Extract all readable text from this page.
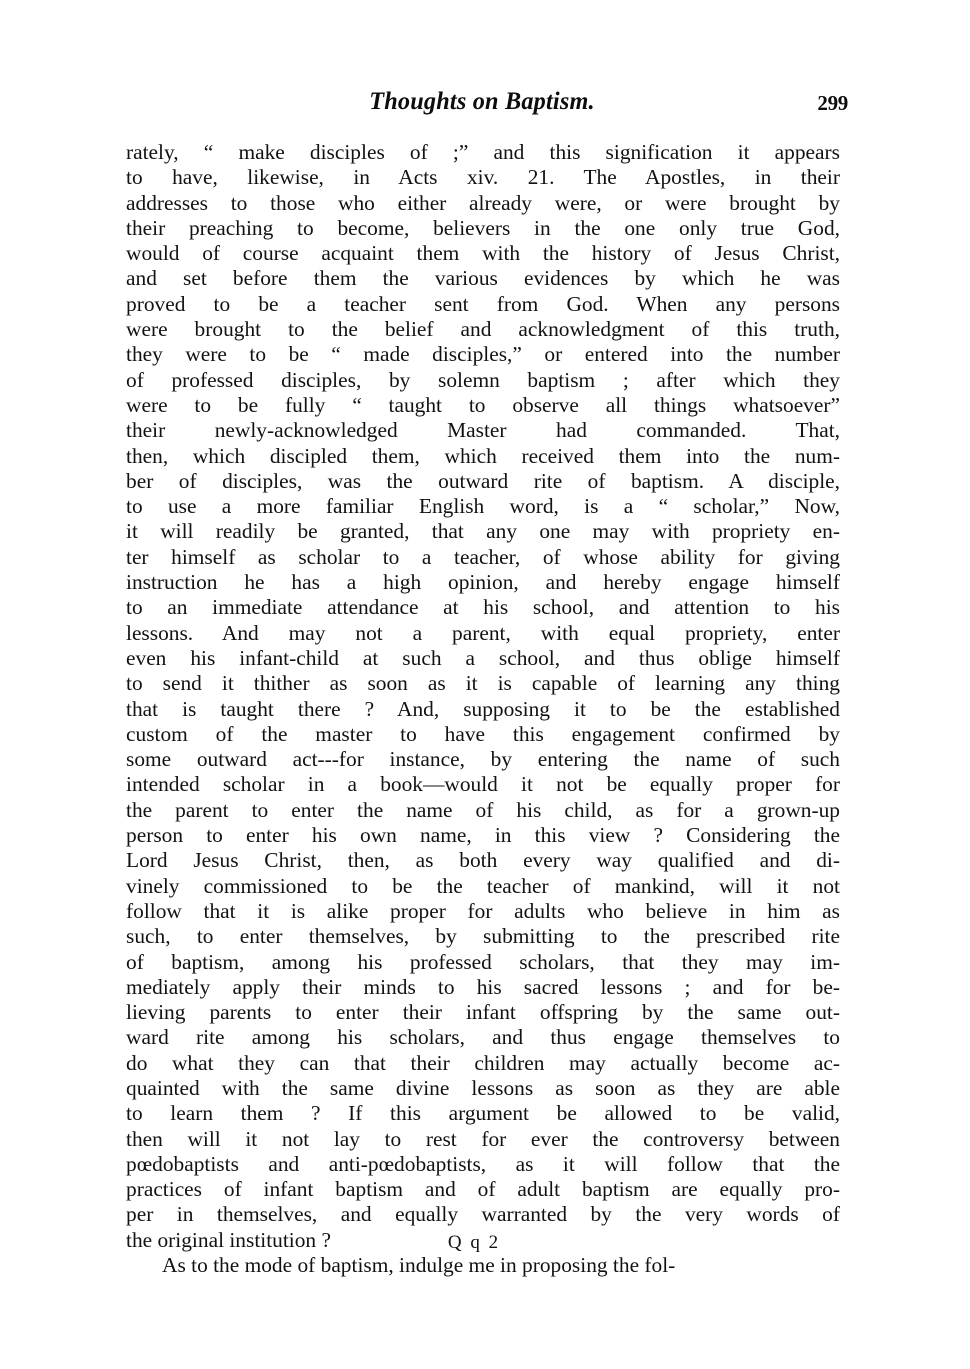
Thoughts on Baptism.	299
rately, “ make disciples of ;” and this signification it appears
to have, likewise, in Acts xiv. 21. The Apostles, in their
addresses to those who either already were, or were brought by
their preaching to become, believers in the one only true God,
would of course acquaint them with the history of Jesus Christ,
and set before them the various evidences by which he was
proved to be a teacher sent from God. When any persons
were brought to the belief and acknowledgment of this truth,
they were to be “ made disciples,” or entered into the number
of professed disciples, by solemn baptism ; after which they
were to be fully “ taught to observe all things whatsoever”
their newly-acknowledged Master had commanded. That,
then, which discipled them, which received them into the num-
ber of disciples, was the outward rite of baptism. A disciple,
to use a more familiar English word, is a “ scholar,” Now,
it will readily be granted, that any one may with propriety en-
ter himself as scholar to a teacher, of whose ability for giving
instruction he has a high opinion, and hereby engage himself
to an immediate attendance at his school, and attention to his
lessons. And may not a parent, with equal propriety, enter
even his infant-child at such a school, and thus oblige himself
to send it thither as soon as it is capable of learning any thing
that is taught there ? And, supposing it to be the established
custom of the master to have this engagement confirmed by
some outward act---for instance, by entering the name of such
intended scholar in a book—would it not be equally proper for
the parent to enter the name of his child, as for a grown-up
person to enter his own name, in this view ? Considering the
Lord Jesus Christ, then, as both every way qualified and di-
vinely commissioned to be the teacher of mankind, will it not
follow that it is alike proper for adults who believe in him as
such, to enter themselves, by submitting to the prescribed rite
of baptism, among his professed scholars, that they may im-
mediately apply their minds to his sacred lessons ; and for be-
lieving parents to enter their infant offspring by the same out-
ward rite among his scholars, and thus engage themselves to
do what they can that their children may actually become ac-
quainted with the same divine lessons as soon as they are able
to learn them ? If this argument be allowed to be valid,
then will it not lay to rest for ever the controversy between
pœdobaptists and anti-pœdobaptists, as it will follow that the
practices of infant baptism and of adult baptism are equally pro-
per in themselves, and equally warranted by the very words of
the original institution ?
As to the mode of baptism, indulge me in proposing the fol-
Q q 2
